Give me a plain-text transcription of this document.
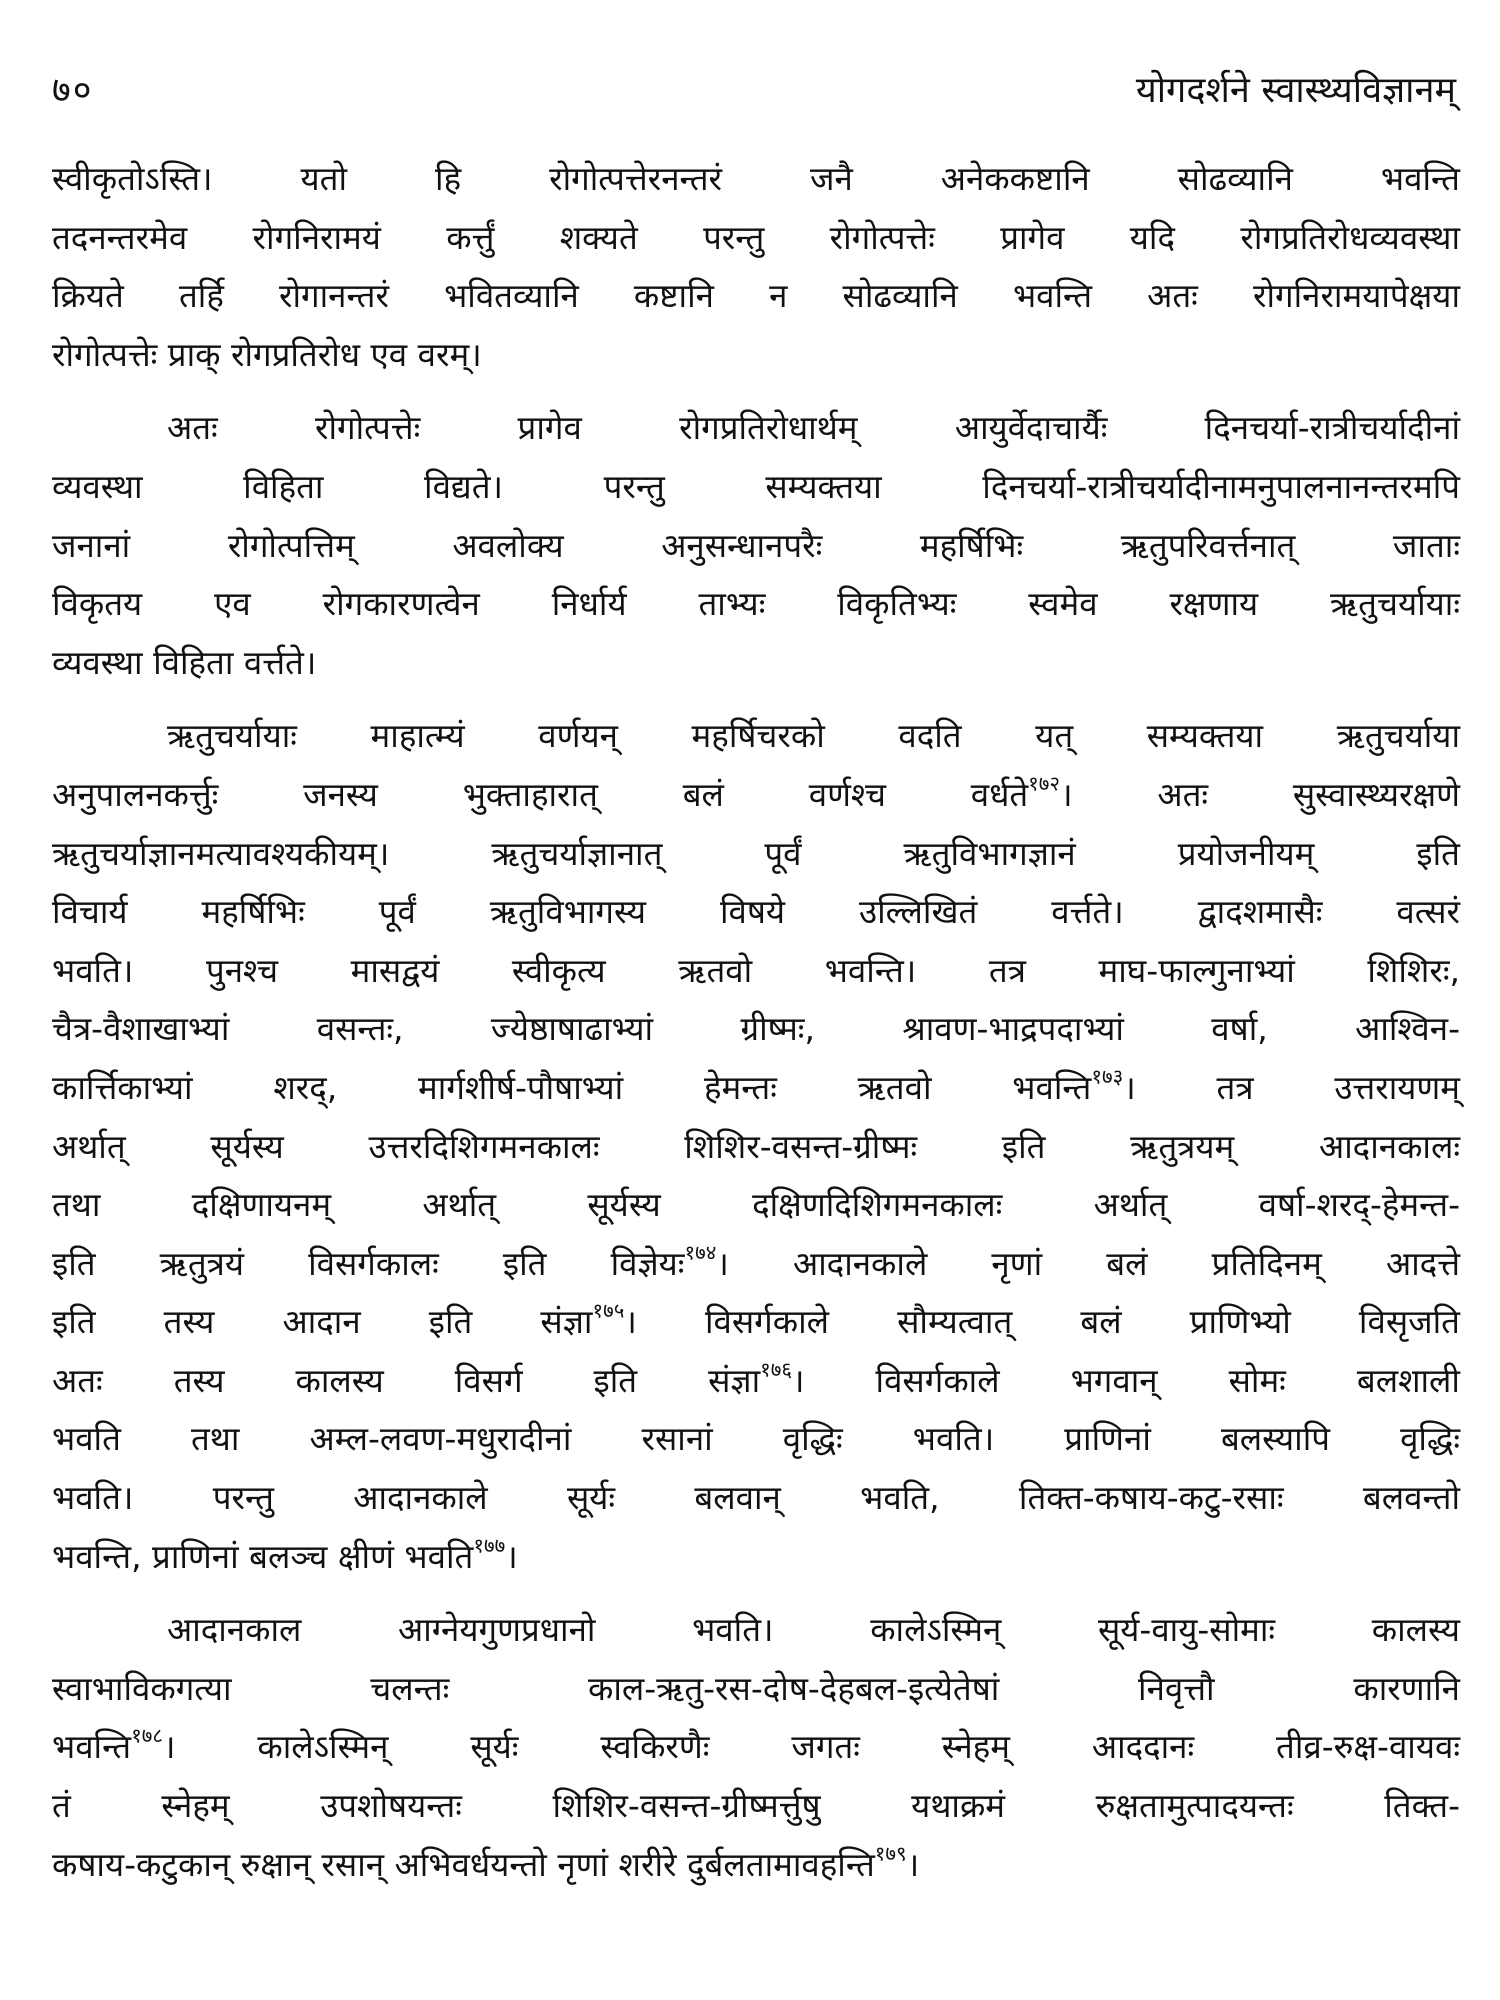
७०	योगदर्शने स्वास्थ्यविज्ञानम्
स्वीकृतोऽस्ति। यतो हि रोगोत्पत्तेरनन्तरं जनै अनेककष्टानि सोढव्यानि भवन्ति
तदनन्तरमेव रोगनिरामयं कर्त्तुं शक्यते परन्तु रोगोत्पत्तेः प्रागेव यदि रोगप्रतिरोधव्यवस्था
क्रियते तर्हि रोगानन्तरं भवितव्यानि कष्टानि न सोढव्यानि भवन्ति अतः रोगनिरामयापेक्षया
रोगोत्पत्तेः प्राक् रोगप्रतिरोध एव वरम्।
अतः रोगोत्पत्तेः प्रागेव रोगप्रतिरोधार्थम् आयुर्वेदाचार्यैः दिनचर्या-रात्रीचर्यादीनां
व्यवस्था विहिता विद्यते। परन्तु सम्यक्तया दिनचर्या-रात्रीचर्यादीनामनुपालनानन्तरमपि
जनानां रोगोत्पत्तिम् अवलोक्य अनुसन्धानपरैः महर्षिभिः ऋतुपरिवर्त्तनात् जाताः
विकृतय एव रोगकारणत्वेन निर्धार्य ताभ्यः विकृतिभ्यः स्वमेव रक्षणाय ऋतुचर्यायाः
व्यवस्था विहिता वर्त्तते।
ऋतुचर्यायाः माहात्म्यं वर्णयन् महर्षिचरको वदति यत् सम्यक्तया ऋतुचर्याया
अनुपालनकर्त्तुः जनस्य भुक्ताहारात् बलं वर्णश्च वर्धते$^{१७२}$। अतः सुस्वास्थ्यरक्षणे
ऋतुचर्याज्ञानमत्यावश्यकीयम्। ऋतुचर्याज्ञानात् पूर्वं ऋतुविभागज्ञानं प्रयोजनीयम् इति
विचार्य महर्षिभिः पूर्वं ऋतुविभागस्य विषये उल्लिखितं वर्त्तते। द्वादशमासैः वत्सरं
भवति। पुनश्च मासद्वयं स्वीकृत्य ऋतवो भवन्ति। तत्र माघ-फाल्गुनाभ्यां शिशिरः,
चैत्र-वैशाखाभ्यां वसन्तः, ज्येष्ठाषाढाभ्यां ग्रीष्मः, श्रावण-भाद्रपदाभ्यां वर्षा, आश्विन-
कार्त्तिकाभ्यां शरद्, मार्गशीर्ष-पौषाभ्यां हेमन्तः ऋतवो भवन्ति$^{१७३}$। तत्र उत्तरायणम्
अर्थात् सूर्यस्य उत्तरदिशिगमनकालः शिशिर-वसन्त-ग्रीष्मः इति ऋतुत्रयम् आदानकालः
तथा दक्षिणायनम् अर्थात् सूर्यस्य दक्षिणदिशिगमनकालः अर्थात् वर्षा-शरद्-हेमन्त-
इति ऋतुत्रयं विसर्गकालः इति विज्ञेयः$^{१७४}$। आदानकाले नृणां बलं प्रतिदिनम् आदत्ते
इति तस्य आदान इति संज्ञा$^{१७५}$। विसर्गकाले सौम्यत्वात् बलं प्राणिभ्यो विसृजति
अतः तस्य कालस्य विसर्ग इति संज्ञा$^{१७६}$। विसर्गकाले भगवान् सोमः बलशाली
भवति तथा अम्ल-लवण-मधुरादीनां रसानां वृद्धिः भवति। प्राणिनां बलस्यापि वृद्धिः
भवति। परन्तु आदानकाले सूर्यः बलवान् भवति, तिक्त-कषाय-कटु-रसाः बलवन्तो
भवन्ति, प्राणिनां बलञ्च क्षीणं भवति$^{१७७}$।
आदानकाल आग्नेयगुणप्रधानो भवति। कालेऽस्मिन् सूर्य-वायु-सोमाः कालस्य
स्वाभाविकगत्या चलन्तः काल-ऋतु-रस-दोष-देहबल-इत्येतेषां निवृत्तौ कारणानि
भवन्ति$^{१७८}$। कालेऽस्मिन् सूर्यः स्वकिरणैः जगतः स्नेहम् आददानः तीव्र-रुक्ष-वायवः
तं स्नेहम् उपशोषयन्तः शिशिर-वसन्त-ग्रीष्मर्त्तुषु यथाक्रमं रुक्षतामुत्पादयन्तः तिक्त-
कषाय-कटुकान् रुक्षान् रसान् अभिवर्धयन्तो नृणां शरीरे दुर्बलतामावहन्ति$^{१७९}$।
